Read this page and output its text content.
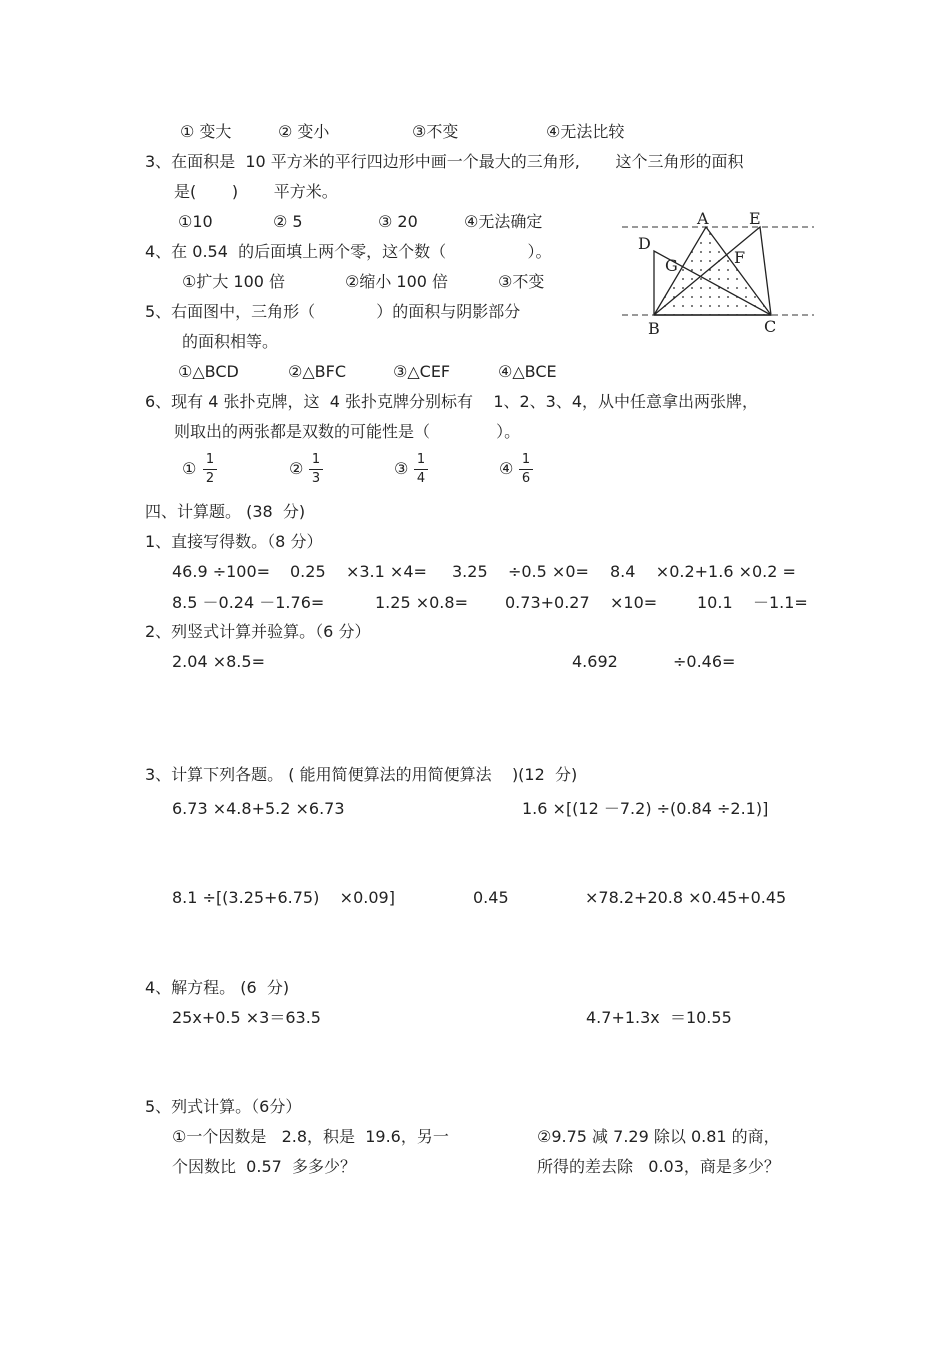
① 变大	② 变小	③不变	④无法比较
3、在面积是  10 平方米的平行四边形中画一个最大的三角形,       这个三角形的面积
是(       )       平方米。
①10	② 5	③ 20	④无法确定
4、在 0.54  的后面填上两个零，这个数（                ）。
①扩大 100 倍	②缩小 100 倍	③不变
5、右面图中，三角形（            ）的面积与阴影部分
的面积相等。
①△BCD	②△BFC	③△CEF	④△BCE
A	E
D
G	F
B	C
6、现有 4 张扑克牌，这  4 张扑克牌分别标有    1、2、3、4，从中任意拿出两张牌，
则取出的两张都是双数的可能性是（             ）。
① 1
2
② 1
3
③ 1
4
④ 1
6
四、计算题。 (38  分)
1、直接写得数。（8 分）
46.9 ÷100= 0.25    ×3.1 ×4= 3.25    ÷0.5 ×0= 8.4    ×0.2+1.6 ×0.2 =
8.5 －0.24 －1.76=	1.25 ×0.8= 0.73+0.27    ×10= 10.1    －1.1=
2、列竖式计算并验算。（6 分）
2.04 ×8.5=	4.692	÷0.46=
3、计算下列各题。 ( 能用简便算法的用简便算法    )(12  分)
6.73 ×4.8+5.2 ×6.73	1.6 ×[(12 －7.2) ÷(0.84 ÷2.1)]
8.1 ÷[(3.25+6.75)    ×0.09]	0.45	×78.2+20.8 ×0.45+0.45
4、解方程。 (6  分)
25x+0.5 ×3＝63.5	4.7+1.3x  ＝10.55
5、列式计算。（6分）
①一个因数是   2.8，积是  19.6，另一
个因数比  0.57  多多少？
②9.75 减 7.29 除以 0.81 的商，
所得的差去除   0.03，商是多少？
